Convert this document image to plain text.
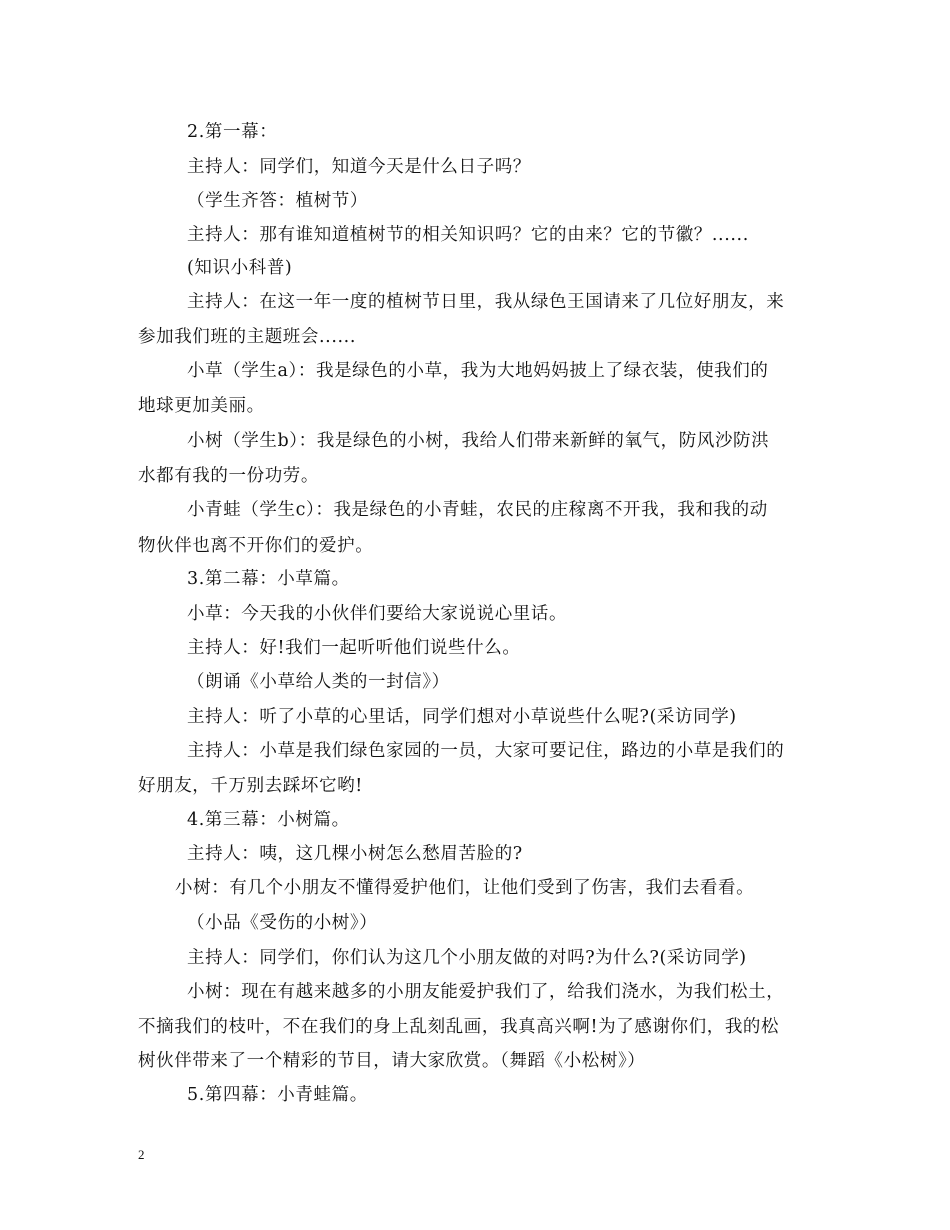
2.第一幕：
主持人：同学们，知道今天是什么日子吗？
（学生齐答：植树节）
主持人：那有谁知道植树节的相关知识吗？它的由来？它的节徽？......
(知识小科普)
主持人：在这一年一度的植树节日里，我从绿色王国请来了几位好朋友，来
参加我们班的主题班会......
小草（学生a）：我是绿色的小草，我为大地妈妈披上了绿衣装，使我们的
地球更加美丽。
小树（学生b）：我是绿色的小树，我给人们带来新鲜的氧气，防风沙防洪
水都有我的一份功劳。
小青蛙（学生c）：我是绿色的小青蛙，农民的庄稼离不开我，我和我的动
物伙伴也离不开你们的爱护。
3.第二幕：小草篇。
小草：今天我的小伙伴们要给大家说说心里话。
主持人：好!我们一起听听他们说些什么。
（朗诵《小草给人类的一封信》）
主持人：听了小草的心里话，同学们想对小草说些什么呢?(采访同学)
主持人：小草是我们绿色家园的一员，大家可要记住，路边的小草是我们的
好朋友，千万别去踩坏它哟!
4.第三幕：小树篇。
主持人：咦，这几棵小树怎么愁眉苦脸的?
小树：有几个小朋友不懂得爱护他们，让他们受到了伤害，我们去看看。
（小品《受伤的小树》）
主持人：同学们，你们认为这几个小朋友做的对吗?为什么?(采访同学)
小树：现在有越来越多的小朋友能爱护我们了，给我们浇水，为我们松土，
不摘我们的枝叶，不在我们的身上乱刻乱画，我真高兴啊!为了感谢你们，我的松
树伙伴带来了一个精彩的节目，请大家欣赏。（舞蹈《小松树》）
5.第四幕：小青蛙篇。
2
